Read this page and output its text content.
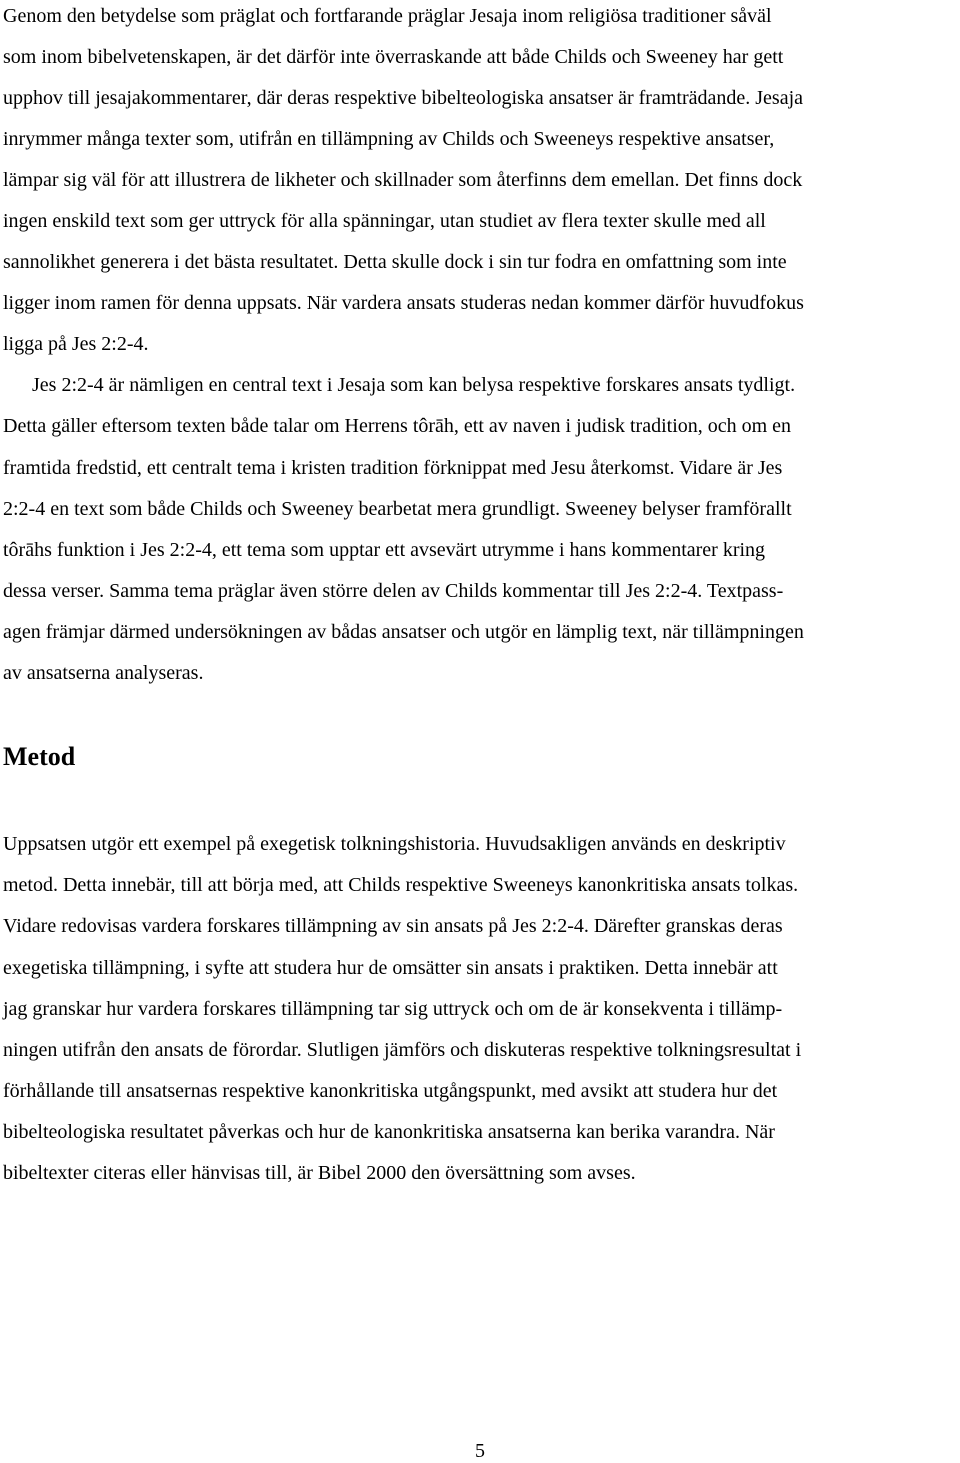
Genom den betydelse som präglat och fortfarande präglar Jesaja inom religiösa traditioner såväl

som inom bibelvetenskapen, är det därför inte överraskande att både Childs och Sweeney har gett

upphov till jesajakommentarer, där deras respektive bibelteologiska ansatser är framträdande. Jesaja

inrymmer många texter som, utifrån en tillämpning av Childs och Sweeneys respektive ansatser,

lämpar sig väl för att illustrera de likheter och skillnader som återfinns dem emellan. Det finns dock

ingen enskild text som ger uttryck för alla spänningar, utan studiet av flera texter skulle med all

sannolikhet generera i det bästa resultatet. Detta skulle dock i sin tur fodra en omfattning som inte

ligger inom ramen för denna uppsats. När vardera ansats studeras nedan kommer därför huvudfokus

ligga på Jes 2:2-4.

Jes 2:2-4 är nämligen en central text i Jesaja som kan belysa respektive forskares ansats tydligt.

Detta gäller eftersom texten både talar om Herrens tôrāh, ett av naven i judisk tradition, och om en

framtida fredstid, ett centralt tema i kristen tradition förknippat med Jesu återkomst. Vidare är Jes

2:2-4 en text som både Childs och Sweeney bearbetat mera grundligt. Sweeney belyser framförallt

tôrāhs funktion i Jes 2:2-4, ett tema som upptar ett avsevärt utrymme i hans kommentarer kring

dessa verser. Samma tema präglar även större delen av Childs kommentar till Jes 2:2-4. Textpass-

agen främjar därmed undersökningen av bådas ansatser och utgör en lämplig text, när tillämpningen

av ansatserna analyseras.

Metod

Uppsatsen utgör ett exempel på exegetisk tolkningshistoria. Huvudsakligen används en deskriptiv

metod. Detta innebär, till att börja med, att Childs respektive Sweeneys kanonkritiska ansats tolkas.

Vidare redovisas vardera forskares tillämpning av sin ansats på Jes 2:2-4. Därefter granskas deras

exegetiska tillämpning, i syfte att studera hur de omsätter sin ansats i praktiken. Detta innebär att

jag granskar hur vardera forskares tillämpning tar sig uttryck och om de är konsekventa i tillämp-

ningen utifrån den ansats de förordar. Slutligen jämförs och diskuteras respektive tolkningsresultat i

förhållande till ansatsernas respektive kanonkritiska utgångspunkt, med avsikt att studera hur det

bibelteologiska resultatet påverkas och hur de kanonkritiska ansatserna kan berika varandra. När

bibeltexter citeras eller hänvisas till, är Bibel 2000 den översättning som avses.

5
